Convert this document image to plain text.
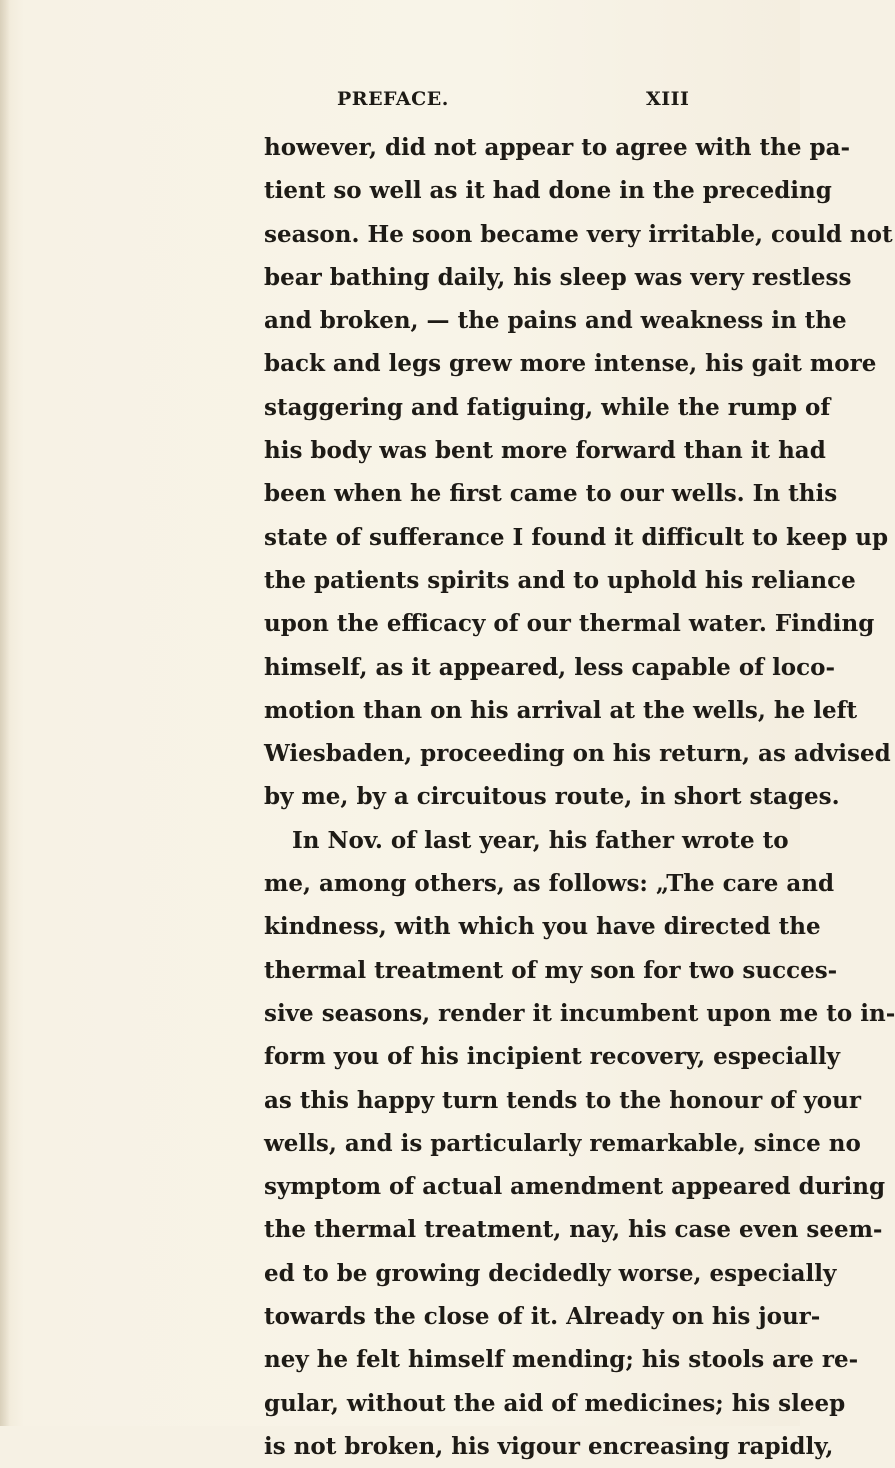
PREFACE.	XIII
however, did not appear to agree with the pa-
tient so well as it had done in the preceding
season. He soon became very irritable, could not
bear bathing daily, his sleep was very restless
and broken, — the pains and weakness in the
back and legs grew more intense, his gait more
staggering and fatiguing, while the rump of
his body was bent more forward than it had
been when he first came to our wells. In this
state of sufferance I found it difficult to keep up
the patients spirits and to uphold his reliance
upon the efficacy of our thermal water. Finding
himself, as it appeared, less capable of loco-
motion than on his arrival at the wells, he left
Wiesbaden, proceeding on his return, as advised
by me, by a circuitous route, in short stages.
In Nov. of last year, his father wrote to
me, among others, as follows: „The care and
kindness, with which you have directed the
thermal treatment of my son for two succes-
sive seasons, render it incumbent upon me to in-
form you of his incipient recovery, especially
as this happy turn tends to the honour of your
wells, and is particularly remarkable, since no
symptom of actual amendment appeared during
the thermal treatment, nay, his case even seem-
ed to be growing decidedly worse, especially
towards the close of it. Already on his jour-
ney he felt himself mending; his stools are re-
gular, without the aid of medicines; his sleep
is not broken, his vigour encreasing rapidly,
